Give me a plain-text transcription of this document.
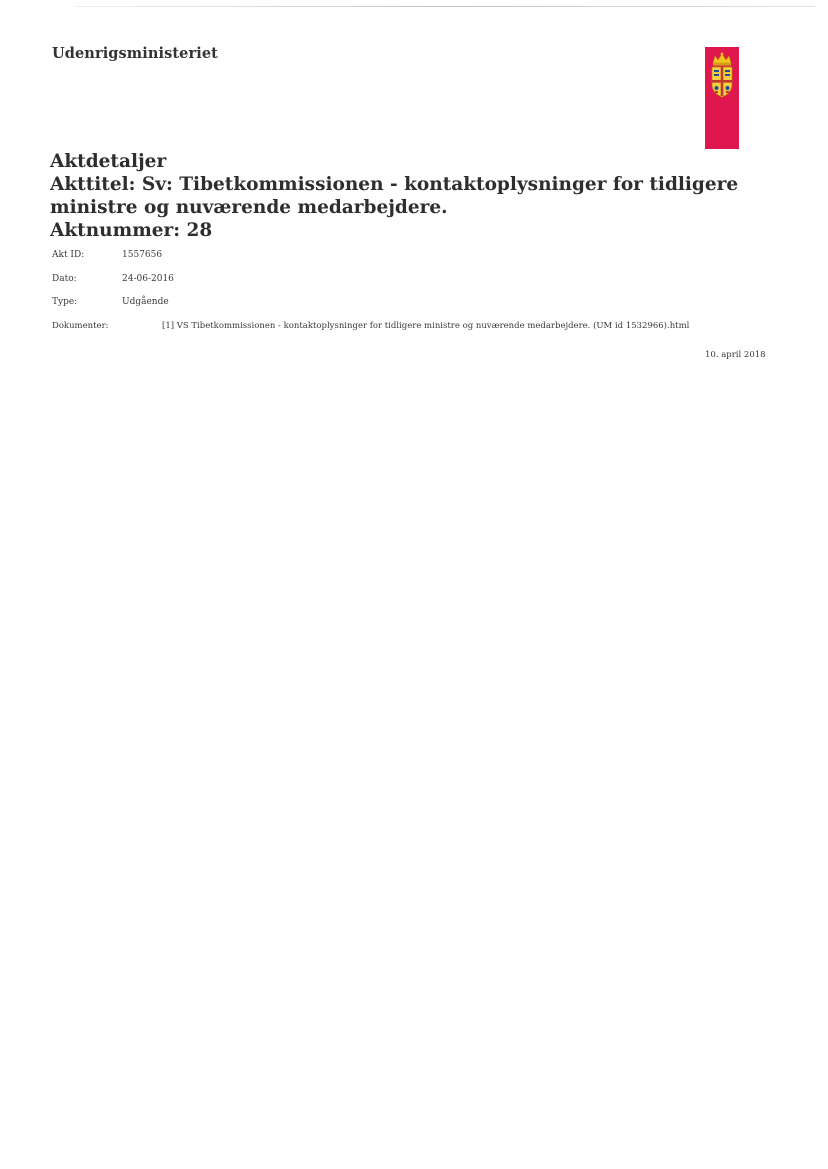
Udenrigsministeriet
Aktdetaljer
Akttitel: Sv: Tibetkommissionen - kontaktoplysninger for tidligere ministre og nuværende medarbejdere.
Aktnummer: 28
Akt ID:	1557656
Dato:	24-06-2016
Type:	Udgående
Dokumenter:	[1] VS Tibetkommissionen - kontaktoplysninger for tidligere ministre og nuværende medarbejdere. (UM id 1532966).html
10. april 2018
